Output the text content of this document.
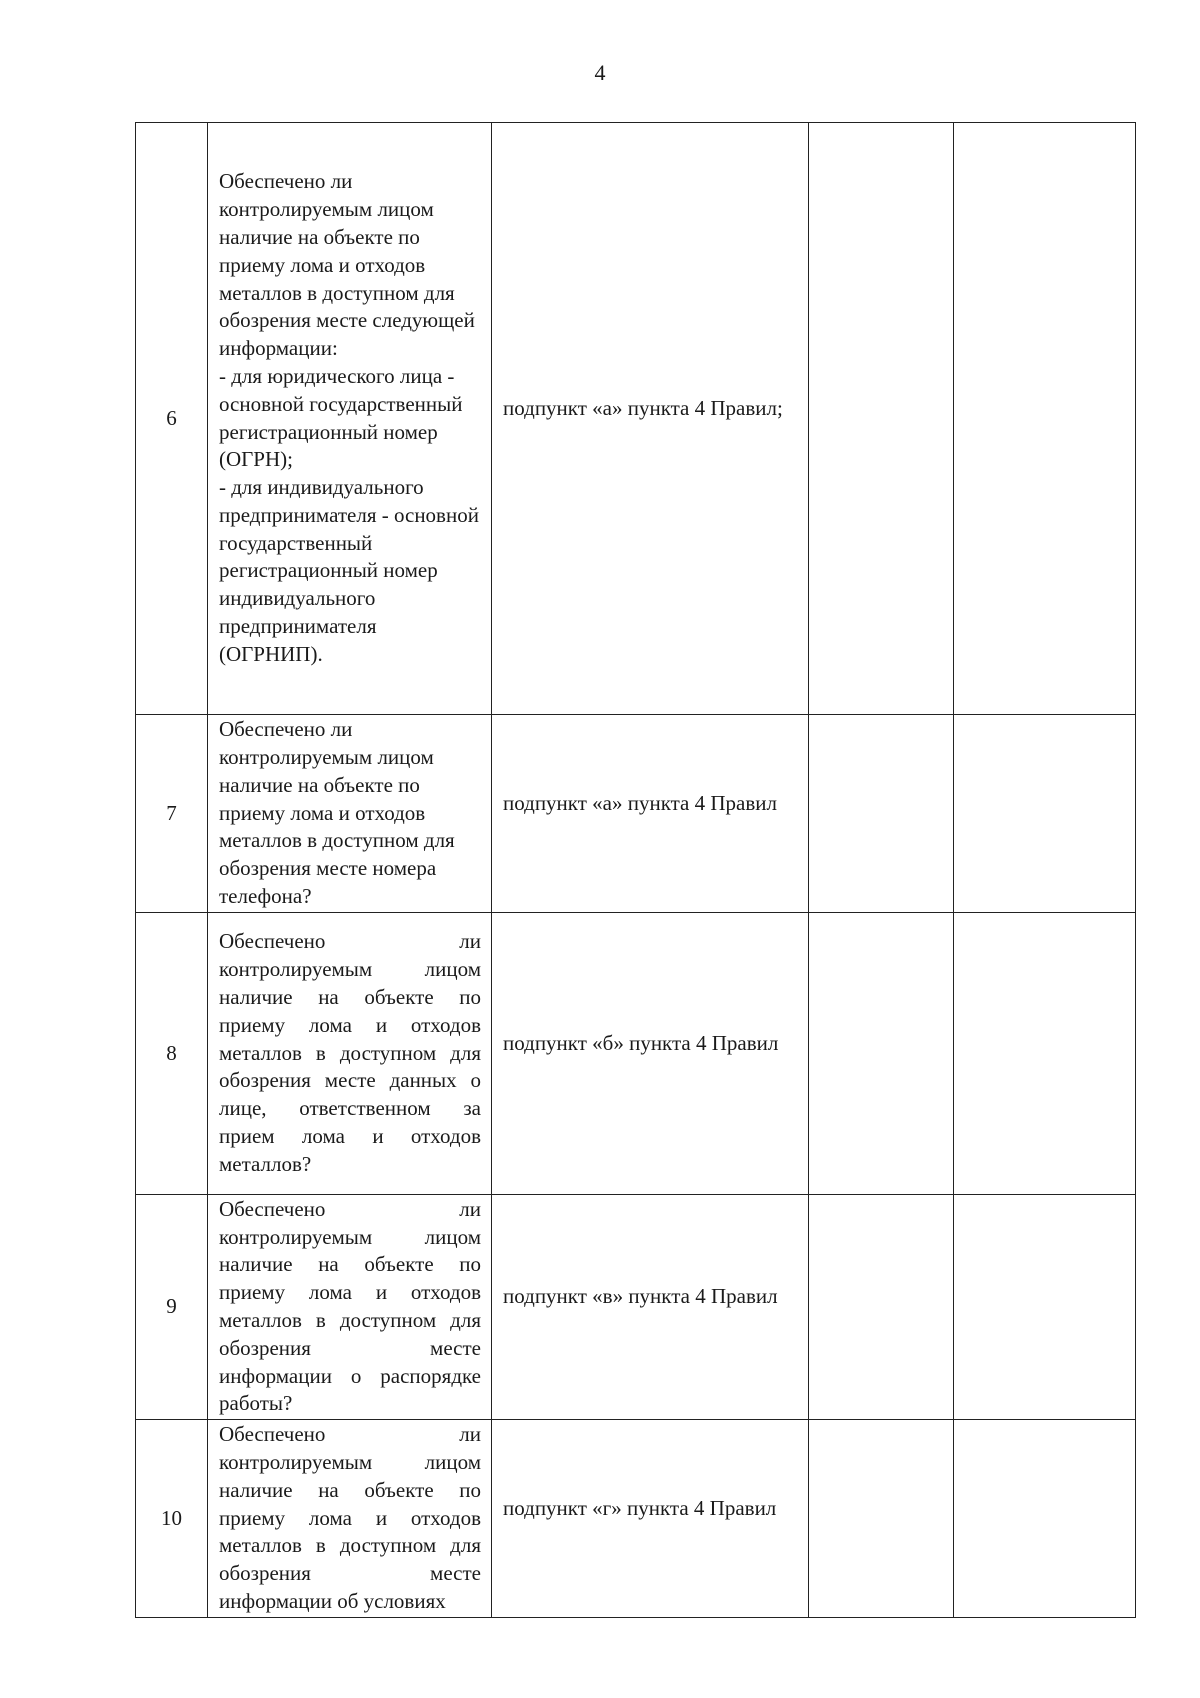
4
6	Обеспечено ли контролируемым лицом наличие на объекте по приему лома и отходов металлов в доступном для обозрения месте следующей информации:
- для юридического лица - основной государственный регистрационный номер (ОГРН);
- для индивидуального предпринимателя - основной государственный регистрационный номер индивидуального предпринимателя (ОГРНИП).	подпункт «а» пункта 4 Правил;		

7	Обеспечено ли контролируемым лицом наличие на объекте по приему лома и отходов металлов в доступном для обозрения месте номера телефона?	подпункт «а» пункта 4 Правил		

8	Обеспечено ли контролируемым лицом наличие на объекте по приему лома и отходов металлов в доступном для обозрения месте данных о лице, ответственном за прием лома и отходов металлов?	подпункт «б» пункта 4 Правил		

9	Обеспечено ли контролируемым лицом наличие на объекте по приему лома и отходов металлов в доступном для обозрения месте информации о распорядке работы?	подпункт «в» пункта 4 Правил		

10	Обеспечено ли контролируемым лицом наличие на объекте по приему лома и отходов металлов в доступном для обозрения месте информации об условиях	подпункт «г» пункта 4 Правил		
